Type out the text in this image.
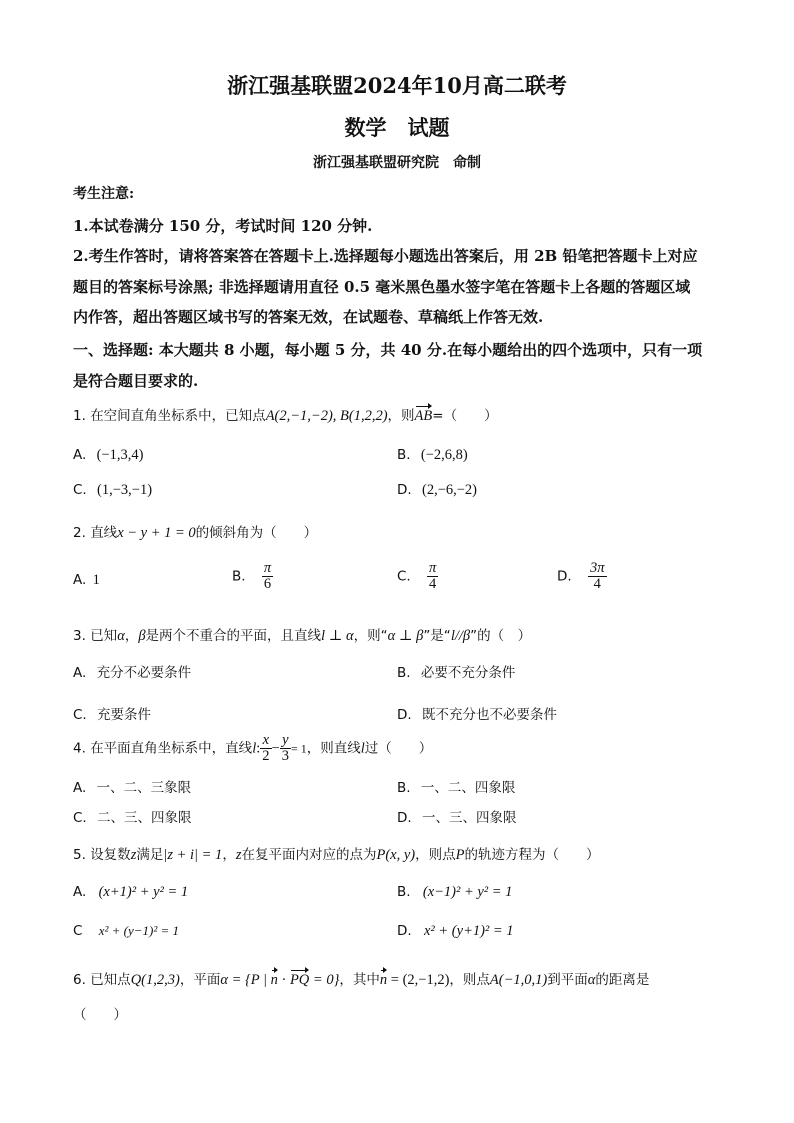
浙江强基联盟2024年10月高二联考
数学　试题
浙江强基联盟研究院　命制
考生注意:
1.本试卷满分 150 分，考试时间 120 分钟.
2.考生作答时，请将答案答在答题卡上.选择题每小题选出答案后，用 2B 铅笔把答题卡上对应
题目的答案标号涂黑; 非选择题请用直径 0.5 毫米黑色墨水签字笔在答题卡上各题的答题区域
内作答，超出答题区域书写的答案无效，在试题卷、草稿纸上作答无效.
一、选择题: 本大题共 8 小题，每小题 5 分，共 40 分.在每小题给出的四个选项中，只有一项
是符合题目要求的.
1. 在空间直角坐标系中，已知点A(2,−1,−2), B(1,2,2)，则AB=（　　）
A. (−1,3,4)	B. (−2,6,8)
C. (1,−3,−1)	D. (2,−6,−2)
2. 直线x − y + 1 = 0的倾斜角为（　　）
A. 1	B. $\frac{\pi}{6}$	C. $\frac{\pi}{4}$	D. $\frac{3\pi}{4}$
3. 已知α，β是两个不重合的平面，且直线l ⊥ α，则“α ⊥ β”是“l//β”的（　）
A. 充分不必要条件	B. 必要不充分条件
C. 充要条件	D. 既不充分也不必要条件
4. 在平面直角坐标系中，直线l: $\frac{x}{2} - \frac{y}{3} = 1$，则直线l过（　　）
A. 一、二、三象限	B. 一、二、四象限
C. 二、三、四象限	D. 一、三、四象限
5. 设复数z满足|z + i| = 1，z在复平面内对应的点为P(x, y)，则点P的轨迹方程为（　　）
A. (x+1)² + y² = 1	B. (x−1)² + y² = 1
C x² + (y−1)² = 1	D. x² + (y+1)² = 1
6. 已知点Q(1,2,3)，平面α = {P | n · PQ = 0}，其中n = (2,−1,2)，则点A(−1,0,1)到平面α的距离是
（　　）
